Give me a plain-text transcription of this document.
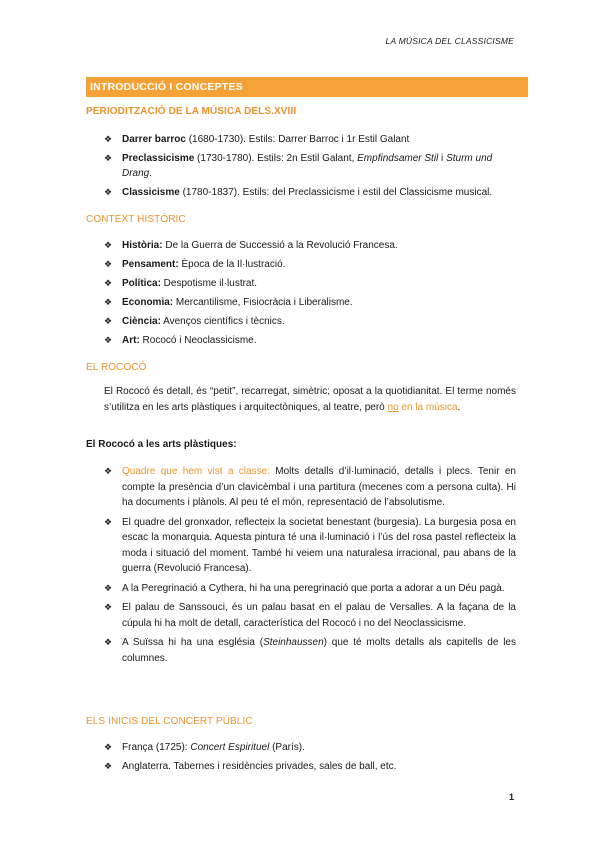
LA MÚSICA DEL CLASSICISME
INTRODUCCIÓ I CONCEPTES
PERIODITZACIÓ DE LA MÚSICA DELS.XVIII
❖ Darrer barroc (1680-1730). Estils: Darrer Barroc i 1r Estil Galant
❖ Preclassicisme (1730-1780). Estils: 2n Estil Galant, Empfindsamer Stil i Sturm und Drang.
❖ Classicisme (1780-1837). Estils: del Preclassicisme i estil del Classicisme musical.
CONTEXT HISTÒRIC
❖ Història: De la Guerra de Successió a la Revolució Francesa.
❖ Pensament: Època de la Il·lustració.
❖ Política: Despotisme il·lustrat.
❖ Economia: Mercantilisme, Fisiocràcia i Liberalisme.
❖ Ciència: Avenços científics i tècnics.
❖ Art: Rococó i Neoclassicisme.
EL ROCOCÓ
El Rococó és detall, és “petit”, recarregat, simètric; oposat a la quotidianitat. El terme només s’utilitza en les arts plàstiques i arquitectòniques, al teatre, però no en la música.
El Rococó a les arts plàstiques:
❖ Quadre que hem vist a classe: Molts detalls d’il·luminació, detalls i plecs. Tenir en compte la presència d’un clavicèmbal i una partitura (mecenes com a persona culta). Hi ha documents i plànols. Al peu té el món, representació de l’absolutisme.
❖ El quadre del gronxador, reflecteix la societat benestant (burgesia). La burgesia posa en escac la monarquia. Aquesta pintura té una il·luminació i l’ús del rosa pastel reflecteix la moda i situació del moment. També hi veiem una naturalesa irracional, pau abans de la guerra (Revolució Francesa).
❖ A la Peregrinació a Cythera, hi ha una peregrinació que porta a adorar a un Déu pagà.
❖ El palau de Sanssouci, és un palau basat en el palau de Versalles. A la façana de la cúpula hi ha molt de detall, característica del Rococó i no del Neoclassicisme.
❖ A Suïssa hi ha una església (Steinhaussen) que té molts detalls als capitells de les columnes.
ELS INICIS DEL CONCERT PÚBLIC
❖ França (1725): Concert Espirituel (París).
❖ Anglaterra. Tabernes i residències privades, sales de ball, etc.
1
